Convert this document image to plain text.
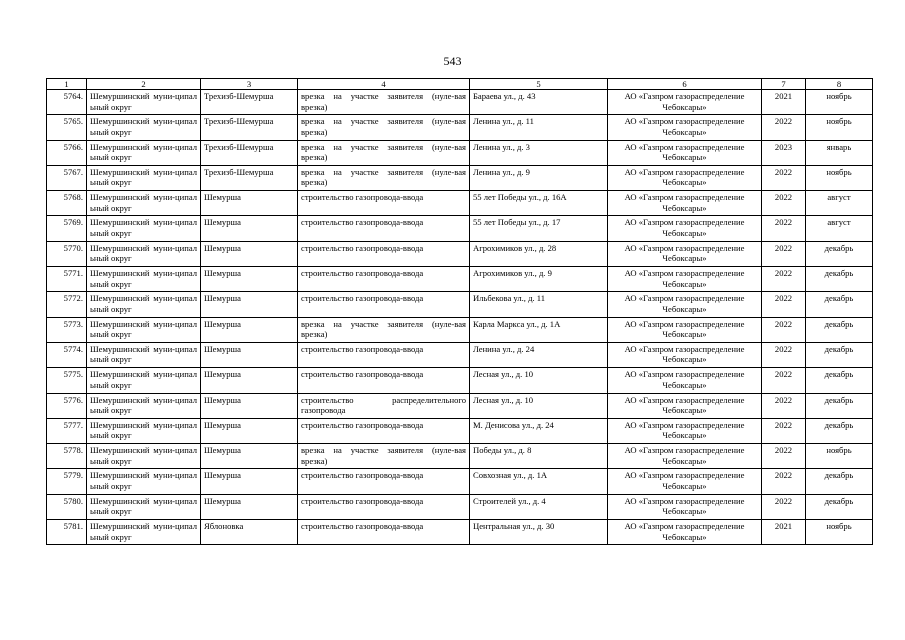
543
1	2	3	4	5	6	7	8
5764.	Шемуршинский муни-ципальный округ	Трехизб-Шемурша	врезка на участке заявителя (нуле-вая врезка)	Бараева ул., д. 43	АО «Газпром газораспределение Чебоксары»	2021	ноябрь
5765.	Шемуршинский муни-ципальный округ	Трехизб-Шемурша	врезка на участке заявителя (нуле-вая врезка)	Ленина ул., д. 11	АО «Газпром газораспределение Чебоксары»	2022	ноябрь
5766.	Шемуршинский муни-ципальный округ	Трехизб-Шемурша	врезка на участке заявителя (нуле-вая врезка)	Ленина ул., д. 3	АО «Газпром газораспределение Чебоксары»	2023	январь
5767.	Шемуршинский муни-ципальный округ	Трехизб-Шемурша	врезка на участке заявителя (нуле-вая врезка)	Ленина ул., д. 9	АО «Газпром газораспределение Чебоксары»	2022	ноябрь
5768.	Шемуршинский муни-ципальный округ	Шемурша	строительство газопровода-ввода	55 лет Победы ул., д. 16А	АО «Газпром газораспределение Чебоксары»	2022	август
5769.	Шемуршинский муни-ципальный округ	Шемурша	строительство газопровода-ввода	55 лет Победы ул., д. 17	АО «Газпром газораспределение Чебоксары»	2022	август
5770.	Шемуршинский муни-ципальный округ	Шемурша	строительство газопровода-ввода	Агрохимиков ул., д. 28	АО «Газпром газораспределение Чебоксары»	2022	декабрь
5771.	Шемуршинский муни-ципальный округ	Шемурша	строительство газопровода-ввода	Агрохимиков ул., д. 9	АО «Газпром газораспределение Чебоксары»	2022	декабрь
5772.	Шемуршинский муни-ципальный округ	Шемурша	строительство газопровода-ввода	Ильбекова ул., д. 11	АО «Газпром газораспределение Чебоксары»	2022	декабрь
5773.	Шемуршинский муни-ципальный округ	Шемурша	врезка на участке заявителя (нуле-вая врезка)	Карла Маркса ул., д. 1А	АО «Газпром газораспределение Чебоксары»	2022	декабрь
5774.	Шемуршинский муни-ципальный округ	Шемурша	строительство газопровода-ввода	Ленина ул., д. 24	АО «Газпром газораспределение Чебоксары»	2022	декабрь
5775.	Шемуршинский муни-ципальный округ	Шемурша	строительство газопровода-ввода	Лесная ул., д. 10	АО «Газпром газораспределение Чебоксары»	2022	декабрь
5776.	Шемуршинский муни-ципальный округ	Шемурша	строительство распределительного газопровода	Лесная ул., д. 10	АО «Газпром газораспределение Чебоксары»	2022	декабрь
5777.	Шемуршинский муни-ципальный округ	Шемурша	строительство газопровода-ввода	М. Денисова ул., д. 24	АО «Газпром газораспределение Чебоксары»	2022	декабрь
5778.	Шемуршинский муни-ципальный округ	Шемурша	врезка на участке заявителя (нуле-вая врезка)	Победы ул., д. 8	АО «Газпром газораспределение Чебоксары»	2022	ноябрь
5779.	Шемуршинский муни-ципальный округ	Шемурша	строительство газопровода-ввода	Совхозная ул., д. 1А	АО «Газпром газораспределение Чебоксары»	2022	декабрь
5780.	Шемуршинский муни-ципальный округ	Шемурша	строительство газопровода-ввода	Строителей ул., д. 4	АО «Газпром газораспределение Чебоксары»	2022	декабрь
5781.	Шемуршинский муни-ципальный округ	Яблоновка	строительство газопровода-ввода	Центральная ул., д. 30	АО «Газпром газораспределение Чебоксары»	2021	ноябрь
